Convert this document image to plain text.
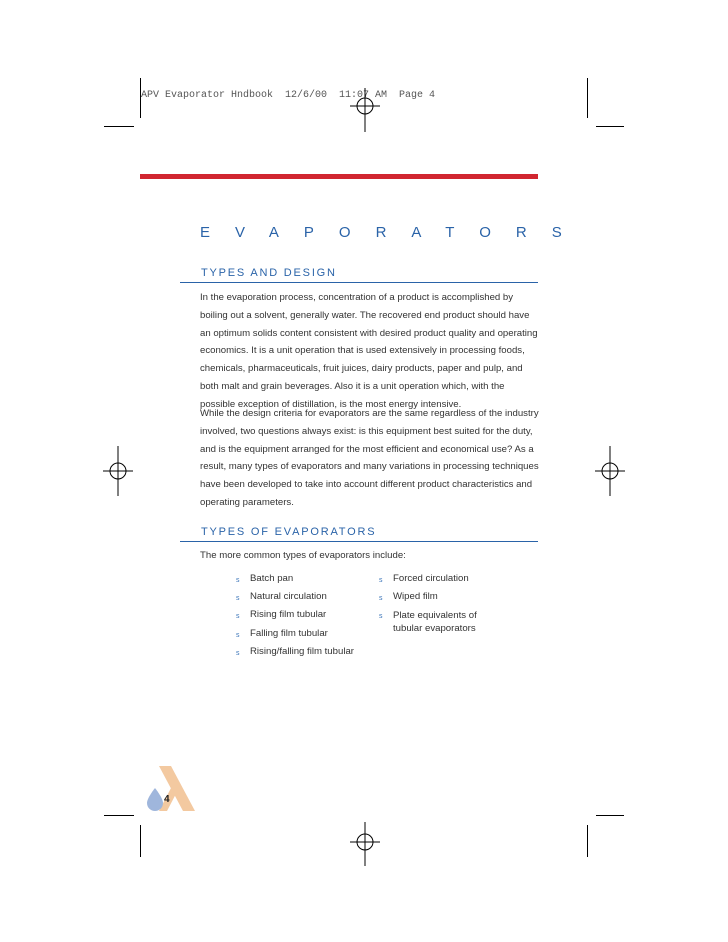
APV Evaporator Hndbook  12/6/00  11:07 AM  Page 4
EVAPORATORS
TYPES AND DESIGN
In the evaporation process, concentration of a product is accomplished by boiling out a solvent, generally water. The recovered end product should have an optimum solids content consistent with desired product quality and operating economics. It is a unit operation that is used extensively in processing foods, chemicals, pharmaceuticals, fruit juices, dairy products, paper and pulp, and both malt and grain beverages. Also it is a unit operation which, with the possible exception of distillation, is the most energy intensive.
While the design criteria for evaporators are the same regardless of the industry involved, two questions always exist: is this equipment best suited for the duty, and is the equipment arranged for the most efficient and economical use? As a result, many types of evaporators and many variations in processing techniques have been developed to take into account different product characteristics and operating parameters.
TYPES OF EVAPORATORS
The more common types of evaporators include:
s Batch pan
s Natural circulation
s Rising film tubular
s Falling film tubular
s Rising/falling film tubular
s Forced circulation
s Wiped film
s Plate equivalents of
tubular evaporators
4
